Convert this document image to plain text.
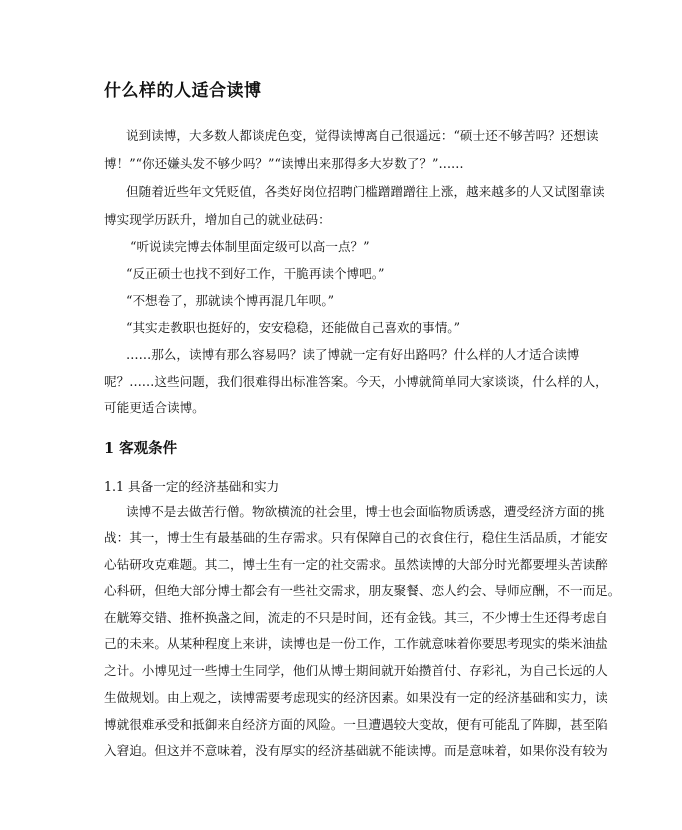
什么样的人适合读博
说到读博，大多数人都谈虎色变，觉得读博离自己很遥远：“硕士还不够苦吗？还想读
博！”“你还嫌头发不够少吗？”“读博出来那得多大岁数了？”……
但随着近些年文凭贬值，各类好岗位招聘门槛蹭蹭蹭往上涨，越来越多的人又试图靠读
博实现学历跃升，增加自己的就业砝码：
“听说读完博去体制里面定级可以高一点？”
“反正硕士也找不到好工作，干脆再读个博吧。”
“不想卷了，那就读个博再混几年呗。”
“其实走教职也挺好的，安安稳稳，还能做自己喜欢的事情。”
……那么，读博有那么容易吗？读了博就一定有好出路吗？什么样的人才适合读博
呢？……这些问题，我们很难得出标准答案。今天，小博就简单同大家谈谈，什么样的人，
可能更适合读博。
1 客观条件
1.1 具备一定的经济基础和实力
读博不是去做苦行僧。物欲横流的社会里，博士也会面临物质诱惑，遭受经济方面的挑
战：其一，博士生有最基础的生存需求。只有保障自己的衣食住行，稳住生活品质，才能安
心钻研攻克难题。其二，博士生有一定的社交需求。虽然读博的大部分时光都要埋头苦读醉
心科研，但绝大部分博士都会有一些社交需求，朋友聚餐、恋人约会、导师应酬，不一而足。
在觥筹交错、推杯换盏之间，流走的不只是时间，还有金钱。其三，不少博士生还得考虑自
己的未来。从某种程度上来讲，读博也是一份工作，工作就意味着你要思考现实的柴米油盐
之计。小博见过一些博士生同学，他们从博士期间就开始攒首付、存彩礼，为自己长远的人
生做规划。由上观之，读博需要考虑现实的经济因素。如果没有一定的经济基础和实力，读
博就很难承受和抵御来自经济方面的风险。一旦遭遇较大变故，便有可能乱了阵脚，甚至陷
入窘迫。但这并不意味着，没有厚实的经济基础就不能读博。而是意味着，如果你没有较为
